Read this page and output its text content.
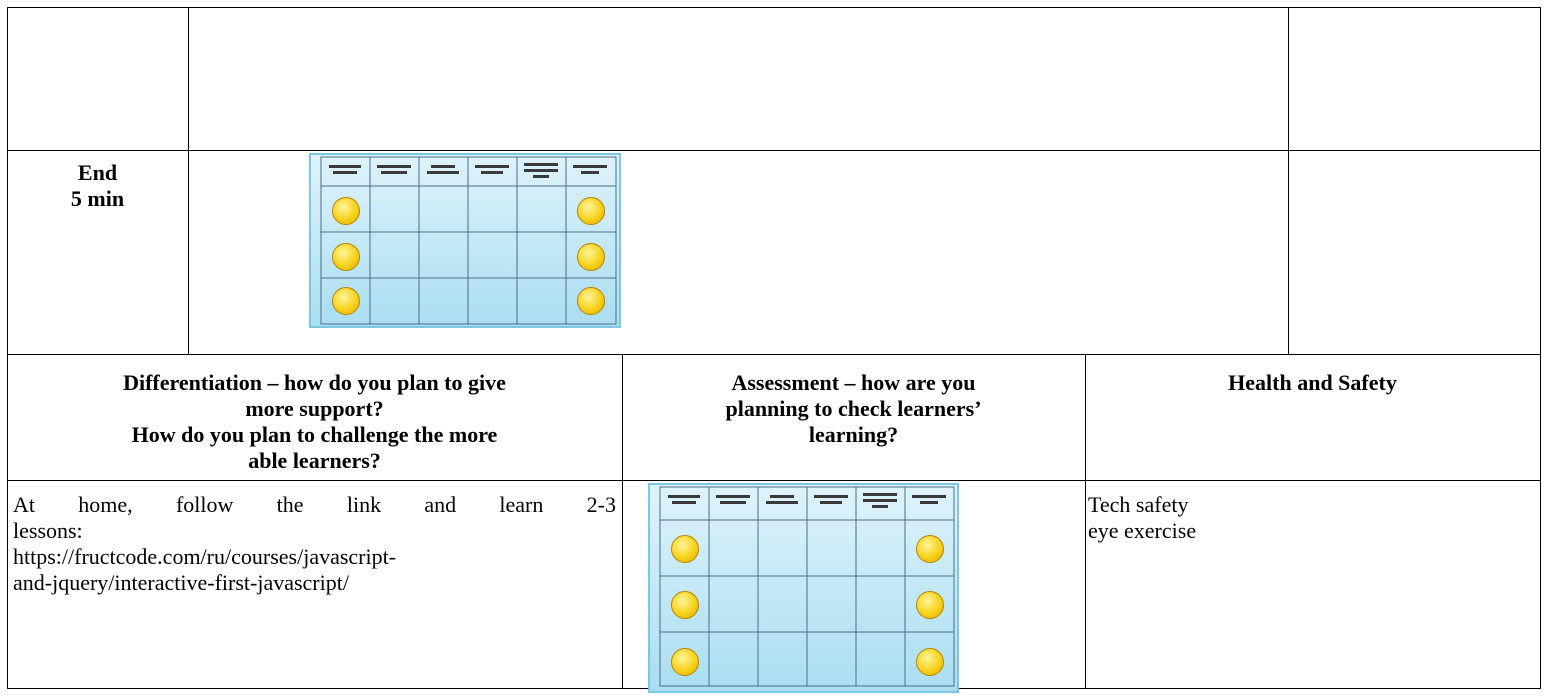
End
5 min
Differentiation – how do you plan to give
more support?
How do you plan to challenge the more
able learners?
Assessment – how are you
planning to check learners’
learning?
Health and Safety
At home, follow the link and learn 2-3
lessons:
https://fructcode.com/ru/courses/javascript-
and-jquery/interactive-first-javascript/
Tech safety
eye exercise
